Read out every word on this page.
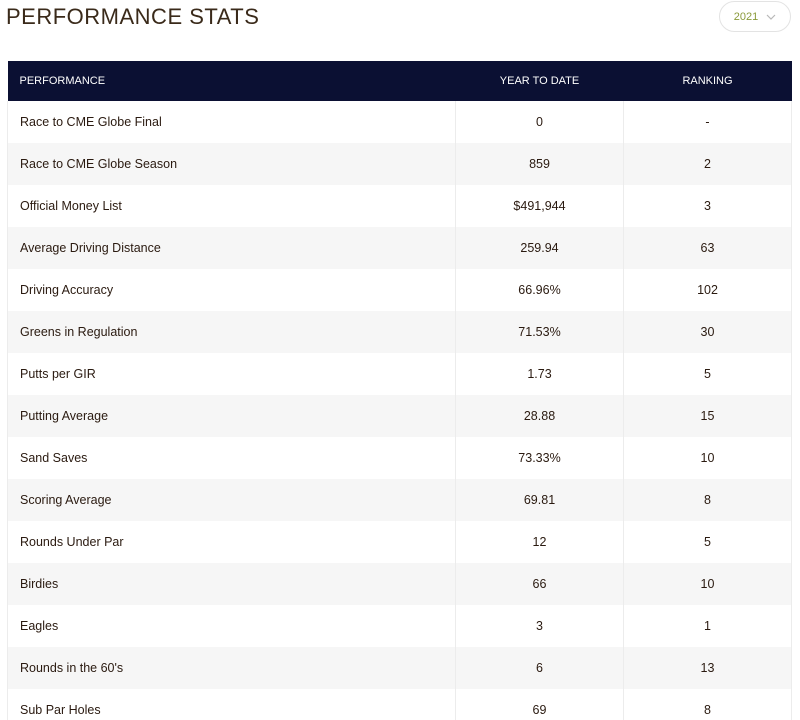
PERFORMANCE STATS	2021
PERFORMANCE	YEAR TO DATE	RANKING
Race to CME Globe Final	0	-
Race to CME Globe Season	859	2
Official Money List	$491,944	3
Average Driving Distance	259.94	63
Driving Accuracy	66.96%	102
Greens in Regulation	71.53%	30
Putts per GIR	1.73	5
Putting Average	28.88	15
Sand Saves	73.33%	10
Scoring Average	69.81	8
Rounds Under Par	12	5
Birdies	66	10
Eagles	3	1
Rounds in the 60's	6	13
Sub Par Holes	69	8
